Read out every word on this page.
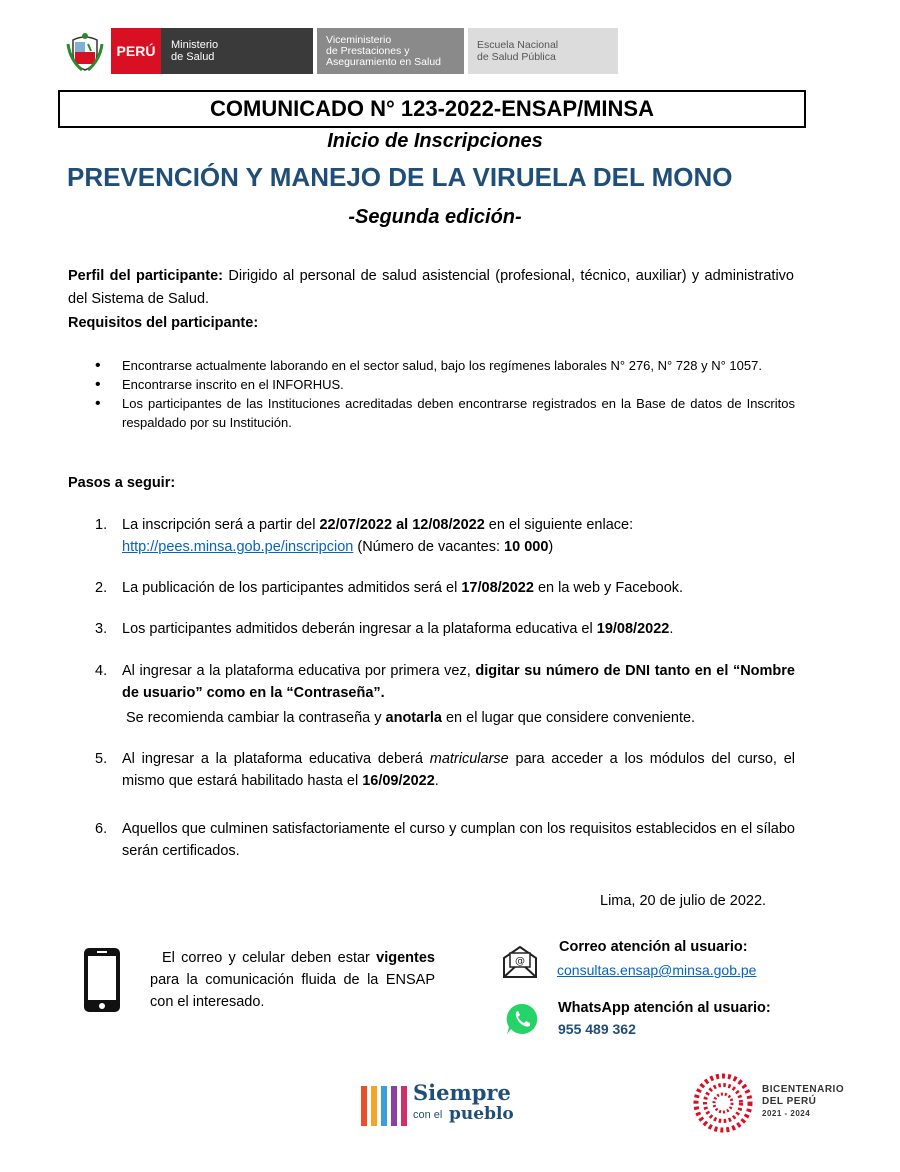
PERÚ	Ministerio
de Salud
Viceministerio
de Prestaciones y
Aseguramiento en Salud
Escuela Nacional
de Salud Pública
COMUNICADO N° 123-2022-ENSAP/MINSA
Inicio de Inscripciones
PREVENCIÓN Y MANEJO DE LA VIRUELA DEL MONO
-Segunda edición-
Perfil del participante: Dirigido al personal de salud asistencial (profesional, técnico, auxiliar) y administrativo del Sistema de Salud.
Requisitos del participante:
•	Encontrarse actualmente laborando en el sector salud, bajo los regímenes laborales N° 276, N° 728 y N° 1057.
•	Encontrarse inscrito en el INFORHUS.
•	Los participantes de las Instituciones acreditadas deben encontrarse registrados en la Base de datos de Inscritos respaldado por su Institución.
Pasos a seguir:
1.	La inscripción será a partir del 22/07/2022 al 12/08/2022 en el siguiente enlace:
http://pees.minsa.gob.pe/inscripcion (Número de vacantes: 10 000)
2.	La publicación de los participantes admitidos será el 17/08/2022 en la web y Facebook.
3.	Los participantes admitidos deberán ingresar a la plataforma educativa el 19/08/2022.
4.	Al ingresar a la plataforma educativa por primera vez, digitar su número de DNI tanto en el “Nombre de usuario” como en la “Contraseña”.
Se recomienda cambiar la contraseña y anotarla en el lugar que considere conveniente.
5.	Al ingresar a la plataforma educativa deberá matricularse para acceder a los módulos del curso, el mismo que estará habilitado hasta el 16/09/2022.
6.	Aquellos que culminen satisfactoriamente el curso y cumplan con los requisitos establecidos en el sílabo serán certificados.
Lima, 20 de julio de 2022.
El correo y celular deben estar vigentes para la comunicación fluida de la ENSAP con el interesado.
@
Correo atención al usuario:
consultas.ensap@minsa.gob.pe
WhatsApp atención al usuario:
955 489 362
Siempre
con el pueblo
BICENTENARIO
DEL PERÚ
2021 - 2024
